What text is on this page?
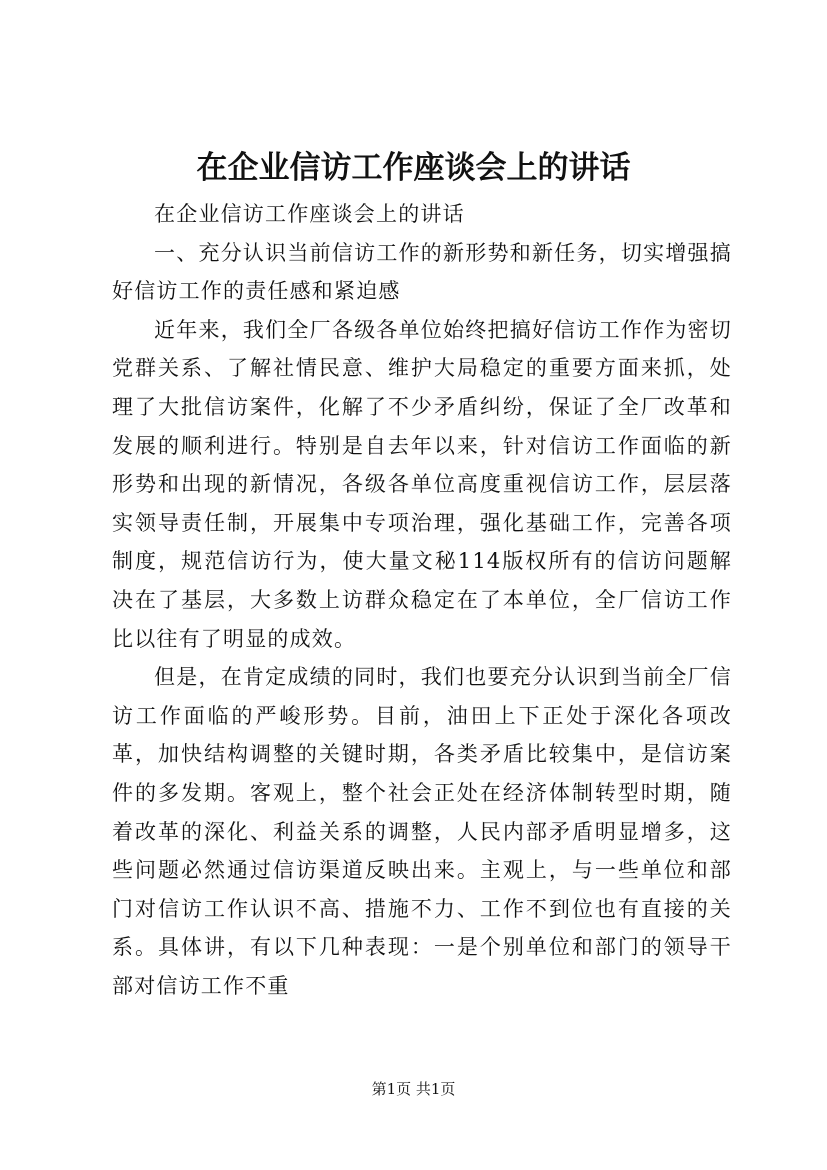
在企业信访工作座谈会上的讲话

在企业信访工作座谈会上的讲话

一、充分认识当前信访工作的新形势和新任务，切实增强搞好信访工作的责任感和紧迫感

近年来，我们全厂各级各单位始终把搞好信访工作作为密切党群关系、了解社情民意、维护大局稳定的重要方面来抓，处理了大批信访案件，化解了不少矛盾纠纷，保证了全厂改革和发展的顺利进行。特别是自去年以来，针对信访工作面临的新形势和出现的新情况，各级各单位高度重视信访工作，层层落实领导责任制，开展集中专项治理，强化基础工作，完善各项制度，规范信访行为，使大量文秘114版权所有的信访问题解决在了基层，大多数上访群众稳定在了本单位，全厂信访工作比以往有了明显的成效。

但是，在肯定成绩的同时，我们也要充分认识到当前全厂信访工作面临的严峻形势。目前，油田上下正处于深化各项改革，加快结构调整的关键时期，各类矛盾比较集中，是信访案件的多发期。客观上，整个社会正处在经济体制转型时期，随着改革的深化、利益关系的调整，人民内部矛盾明显增多，这些问题必然通过信访渠道反映出来。主观上，与一些单位和部门对信访工作认识不高、措施不力、工作不到位也有直接的关系。具体讲，有以下几种表现：一是个别单位和部门的领导干部对信访工作不重

第1页 共1页
